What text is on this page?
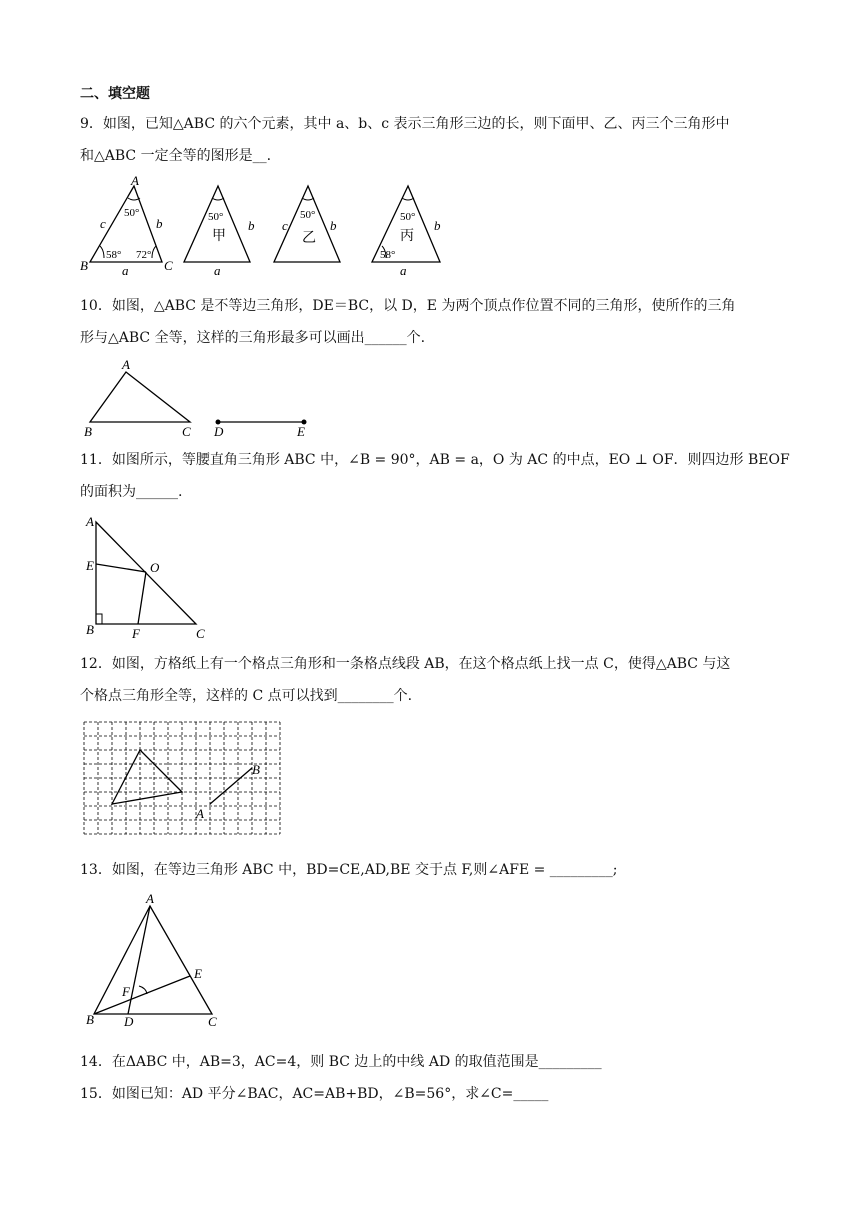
二、填空题
9．如图，已知△ABC 的六个元素，其中 a、b、c 表示三角形三边的长，则下面甲、乙、丙三个三角形中
和△ABC 一定全等的图形是__.
A
B	C
c	b
a
50°
58° 72°
50°
甲
b
a
50°
乙
c	b
50°
丙
58°
b
a
10．如图，△ABC 是不等边三角形，DE＝BC，以 D，E 为两个顶点作位置不同的三角形，使所作的三角
形与△ABC 全等，这样的三角形最多可以画出______个.
A
B	C D	E
11．如图所示，等腰直角三角形 ABC 中，∠B = 90°，AB = a，O 为 AC 的中点，EO ⊥ OF．则四边形 BEOF
的面积为______.
A
E	O
B	F	C
12．如图，方格纸上有一个格点三角形和一条格点线段 AB，在这个格点纸上找一点 C，使得△ABC 与这
个格点三角形全等，这样的 C 点可以找到________个.
A
B
13．如图，在等边三角形 ABC 中，BD=CE,AD,BE 交于点 F,则∠AFE = _________;
A
E
F
B D	C
14．在ΔABC 中，AB=3，AC=4，则 BC 边上的中线 AD 的取值范围是_________
15．如图已知：AD 平分∠BAC，AC=AB+BD，∠B=56°，求∠C=_____
